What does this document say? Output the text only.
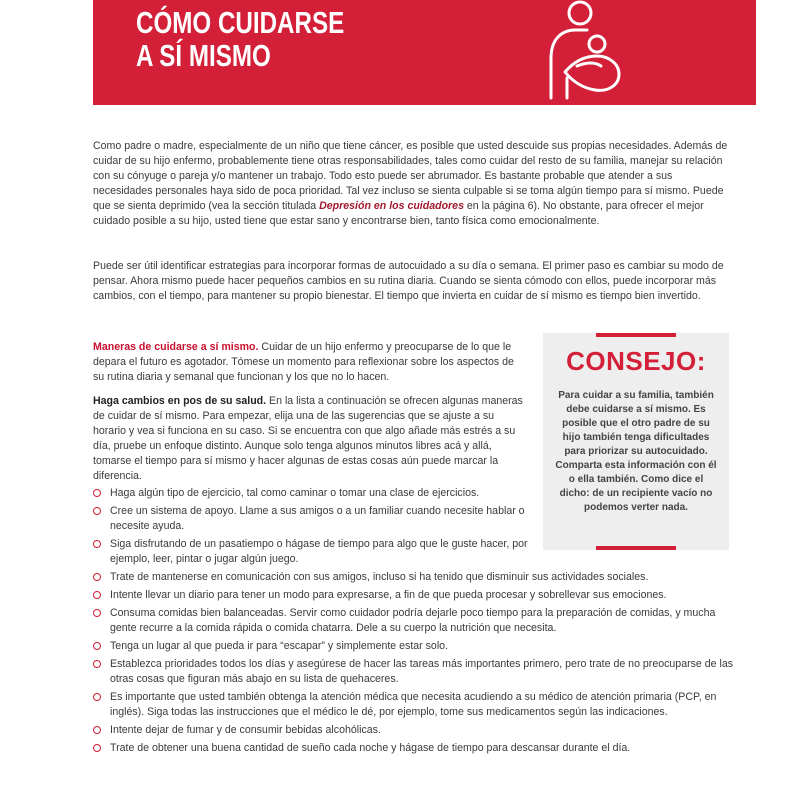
CÓMO CUIDARSE
A SÍ MISMO

Como padre o madre, especialmente de un niño que tiene cáncer, es posible que usted descuide sus propias necesidades. Además de cuidar de su hijo enfermo, probablemente tiene otras responsabilidades, tales como cuidar del resto de su familia, manejar su relación con su cónyuge o pareja y/o mantener un trabajo. Todo esto puede ser abrumador. Es bastante probable que atender a sus necesidades personales haya sido de poca prioridad. Tal vez incluso se sienta culpable si se toma algún tiempo para sí mismo. Puede que se sienta deprimido (vea la sección titulada Depresión en los cuidadores en la página 6). No obstante, para ofrecer el mejor cuidado posible a su hijo, usted tiene que estar sano y encontrarse bien, tanto física como emocionalmente.

Puede ser útil identificar estrategias para incorporar formas de autocuidado a su día o semana. El primer paso es cambiar su modo de pensar. Ahora mismo puede hacer pequeños cambios en su rutina diaria. Cuando se sienta cómodo con ellos, puede incorporar más cambios, con el tiempo, para mantener su propio bienestar. El tiempo que invierta en cuidar de sí mismo es tiempo bien invertido.

Maneras de cuidarse a sí mismo. Cuidar de un hijo enfermo y preocuparse de lo que le depara el futuro es agotador. Tómese un momento para reflexionar sobre los aspectos de su rutina diaria y semanal que funcionan y los que no lo hacen.

Haga cambios en pos de su salud. En la lista a continuación se ofrecen algunas maneras de cuidar de sí mismo. Para empezar, elija una de las sugerencias que se ajuste a su horario y vea si funciona en su caso. Si se encuentra con que algo añade más estrés a su día, pruebe un enfoque distinto. Aunque solo tenga algunos minutos libres acá y allá, tomarse el tiempo para sí mismo y hacer algunas de estas cosas aún puede marcar la diferencia.

CONSEJO:
Para cuidar a su familia, también debe cuidarse a sí mismo. Es posible que el otro padre de su hijo también tenga dificultades para priorizar su autocuidado. Comparta esta información con él o ella también. Como dice el dicho: de un recipiente vacío no podemos verter nada.
Haga algún tipo de ejercicio, tal como caminar o tomar una clase de ejercicios.
Cree un sistema de apoyo. Llame a sus amigos o a un familiar cuando necesite hablar o necesite ayuda.
Siga disfrutando de un pasatiempo o hágase de tiempo para algo que le guste hacer, por ejemplo, leer, pintar o jugar algún juego.
Trate de mantenerse en comunicación con sus amigos, incluso si ha tenido que disminuir sus actividades sociales.
Intente llevar un diario para tener un modo para expresarse, a fin de que pueda procesar y sobrellevar sus emociones.
Consuma comidas bien balanceadas. Servir como cuidador podría dejarle poco tiempo para la preparación de comidas, y mucha gente recurre a la comida rápida o comida chatarra. Dele a su cuerpo la nutrición que necesita.
Tenga un lugar al que pueda ir para “escapar” y simplemente estar solo.
Establezca prioridades todos los días y asegúrese de hacer las tareas más importantes primero, pero trate de no preocuparse de las otras cosas que figuran más abajo en su lista de quehaceres.
Es importante que usted también obtenga la atención médica que necesita acudiendo a su médico de atención primaria (PCP, en inglés). Siga todas las instrucciones que el médico le dé, por ejemplo, tome sus medicamentos según las indicaciones.
Intente dejar de fumar y de consumir bebidas alcohólicas.
Trate de obtener una buena cantidad de sueño cada noche y hágase de tiempo para descansar durante el día.
